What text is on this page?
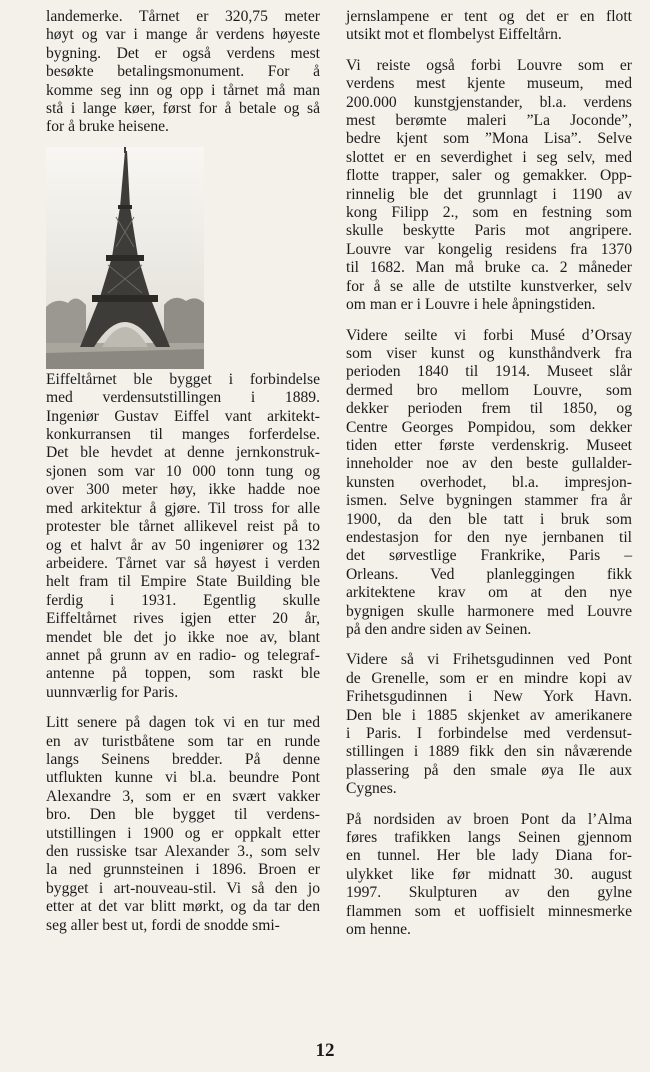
landemerke. Tårnet er 320,75 meter
høyt og var i mange år verdens høyeste
bygning. Det er også verdens mest
besøkte betalingsmonument. For å
komme seg inn og opp i tårnet må man
stå i lange køer, først for å betale og så
for å bruke heisene.
Eiffeltårnet ble bygget i forbindelse
med verdensutstillingen i 1889.
Ingeniør Gustav Eiffel vant arkitekt-
konkurransen til manges forferdelse.
Det ble hevdet at denne jernkonstruk-
sjonen som var 10 000 tonn tung og
over 300 meter høy, ikke hadde noe
med arkitektur å gjøre. Til tross for alle
protester ble tårnet allikevel reist på to
og et halvt år av 50 ingeniører og 132
arbeidere. Tårnet var så høyest i verden
helt fram til Empire State Building ble
ferdig i 1931. Egentlig skulle
Eiffeltårnet rives igjen etter 20 år,
mendet ble det jo ikke noe av, blant
annet på grunn av en radio- og telegraf-
antenne på toppen, som raskt ble
uunnværlig for Paris.
Litt senere på dagen tok vi en tur med
en av turistbåtene som tar en runde
langs Seinens bredder. På denne
utflukten kunne vi bl.a. beundre Pont
Alexandre 3, som er en svært vakker
bro. Den ble bygget til verdens-
utstillingen i 1900 og er oppkalt etter
den russiske tsar Alexander 3., som selv
la ned grunnsteinen i 1896. Broen er
bygget i art-nouveau-stil. Vi så den jo
etter at det var blitt mørkt, og da tar den
seg aller best ut, fordi de snodde smi-
jernslampene er tent og det er en flott
utsikt mot et flombelyst Eiffeltårn.
Vi reiste også forbi Louvre som er
verdens mest kjente museum, med
200.000 kunstgjenstander, bl.a. verdens
mest berømte maleri ”La Joconde”,
bedre kjent som ”Mona Lisa”. Selve
slottet er en severdighet i seg selv, med
flotte trapper, saler og gemakker. Opp-
rinnelig ble det grunnlagt i 1190 av
kong Filipp 2., som en festning som
skulle beskytte Paris mot angripere.
Louvre var kongelig residens fra 1370
til 1682. Man må bruke ca. 2 måneder
for å se alle de utstilte kunstverker, selv
om man er i Louvre i hele åpningstiden.
Videre seilte vi forbi Musé d’Orsay
som viser kunst og kunsthåndverk fra
perioden 1840 til 1914. Museet slår
dermed bro mellom Louvre, som
dekker perioden frem til 1850, og
Centre Georges Pompidou, som dekker
tiden etter første verdenskrig. Museet
inneholder noe av den beste gullalder-
kunsten overhodet, bl.a. impresjon-
ismen. Selve bygningen stammer fra år
1900, da den ble tatt i bruk som
endestasjon for den nye jernbanen til
det sørvestlige Frankrike, Paris –
Orleans. Ved planleggingen fikk
arkitektene krav om at den nye
bygnigen skulle harmonere med Louvre
på den andre siden av Seinen.
Videre så vi Frihetsgudinnen ved Pont
de Grenelle, som er en mindre kopi av
Frihetsgudinnen i New York Havn.
Den ble i 1885 skjenket av amerikanere
i Paris. I forbindelse med verdensut-
stillingen i 1889 fikk den sin nåværende
plassering på den smale øya Ile aux
Cygnes.
På nordsiden av broen Pont da l’Alma
føres trafikken langs Seinen gjennom
en tunnel. Her ble lady Diana for-
ulykket like før midnatt 30. august
1997. Skulpturen av den gylne
flammen som et uoffisielt minnesmerke
om henne.
12
